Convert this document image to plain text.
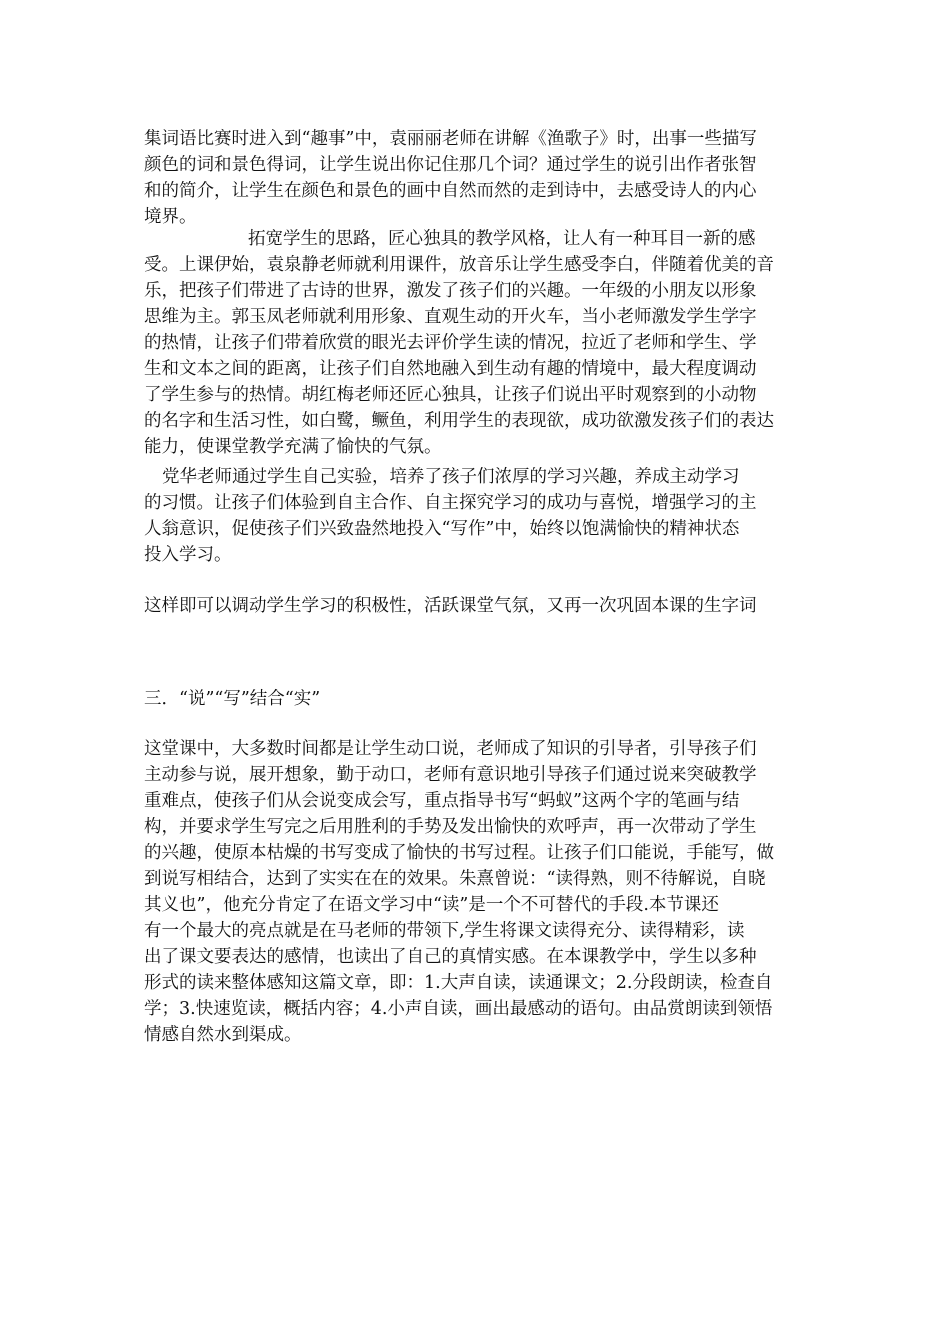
集词语比赛时进入到“趣事”中，袁丽丽老师在讲解《渔歌子》时，出事一些描写
颜色的词和景色得词，让学生说出你记住那几个词？通过学生的说引出作者张智
和的简介，让学生在颜色和景色的画中自然而然的走到诗中，去感受诗人的内心
境界。
拓宽学生的思路，匠心独具的教学风格，让人有一种耳目一新的感
受。上课伊始，袁泉静老师就利用课件，放音乐让学生感受李白，伴随着优美的音
乐，把孩子们带进了古诗的世界，激发了孩子们的兴趣。一年级的小朋友以形象
思维为主。郭玉凤老师就利用形象、直观生动的开火车，当小老师激发学生学字
的热情，让孩子们带着欣赏的眼光去评价学生读的情况，拉近了老师和学生、学
生和文本之间的距离，让孩子们自然地融入到生动有趣的情境中，最大程度调动
了学生参与的热情。胡红梅老师还匠心独具，让孩子们说出平时观察到的小动物
的名字和生活习性，如白鹭，鳜鱼，利用学生的表现欲，成功欲激发孩子们的表达
能力，使课堂教学充满了愉快的气氛。
党华老师通过学生自己实验，培养了孩子们浓厚的学习兴趣，养成主动学习
的习惯。让孩子们体验到自主合作、自主探究学习的成功与喜悦，增强学习的主
人翁意识，促使孩子们兴致盎然地投入“写作”中，始终以饱满愉快的精神状态
投入学习。
这样即可以调动学生学习的积极性，活跃课堂气氛，又再一次巩固本课的生字词
三．“说”“写”结合“实”
这堂课中，大多数时间都是让学生动口说，老师成了知识的引导者，引导孩子们
主动参与说，展开想象，勤于动口，老师有意识地引导孩子们通过说来突破教学
重难点，使孩子们从会说变成会写，重点指导书写“蚂蚁”这两个字的笔画与结
构，并要求学生写完之后用胜利的手势及发出愉快的欢呼声，再一次带动了学生
的兴趣，使原本枯燥的书写变成了愉快的书写过程。让孩子们口能说，手能写，做
到说写相结合，达到了实实在在的效果。朱熹曾说：“读得熟，则不待解说，自晓
其义也”，他充分肯定了在语文学习中“读”是一个不可替代的手段.本节课还
有一个最大的亮点就是在马老师的带领下,学生将课文读得充分、读得精彩，读
出了课文要表达的感情，也读出了自己的真情实感。在本课教学中，学生以多种
形式的读来整体感知这篇文章，即：1.大声自读，读通课文；2.分段朗读，检查自
学；3.快速览读，概括内容；4.小声自读，画出最感动的语句。由品赏朗读到领悟
情感自然水到渠成。
